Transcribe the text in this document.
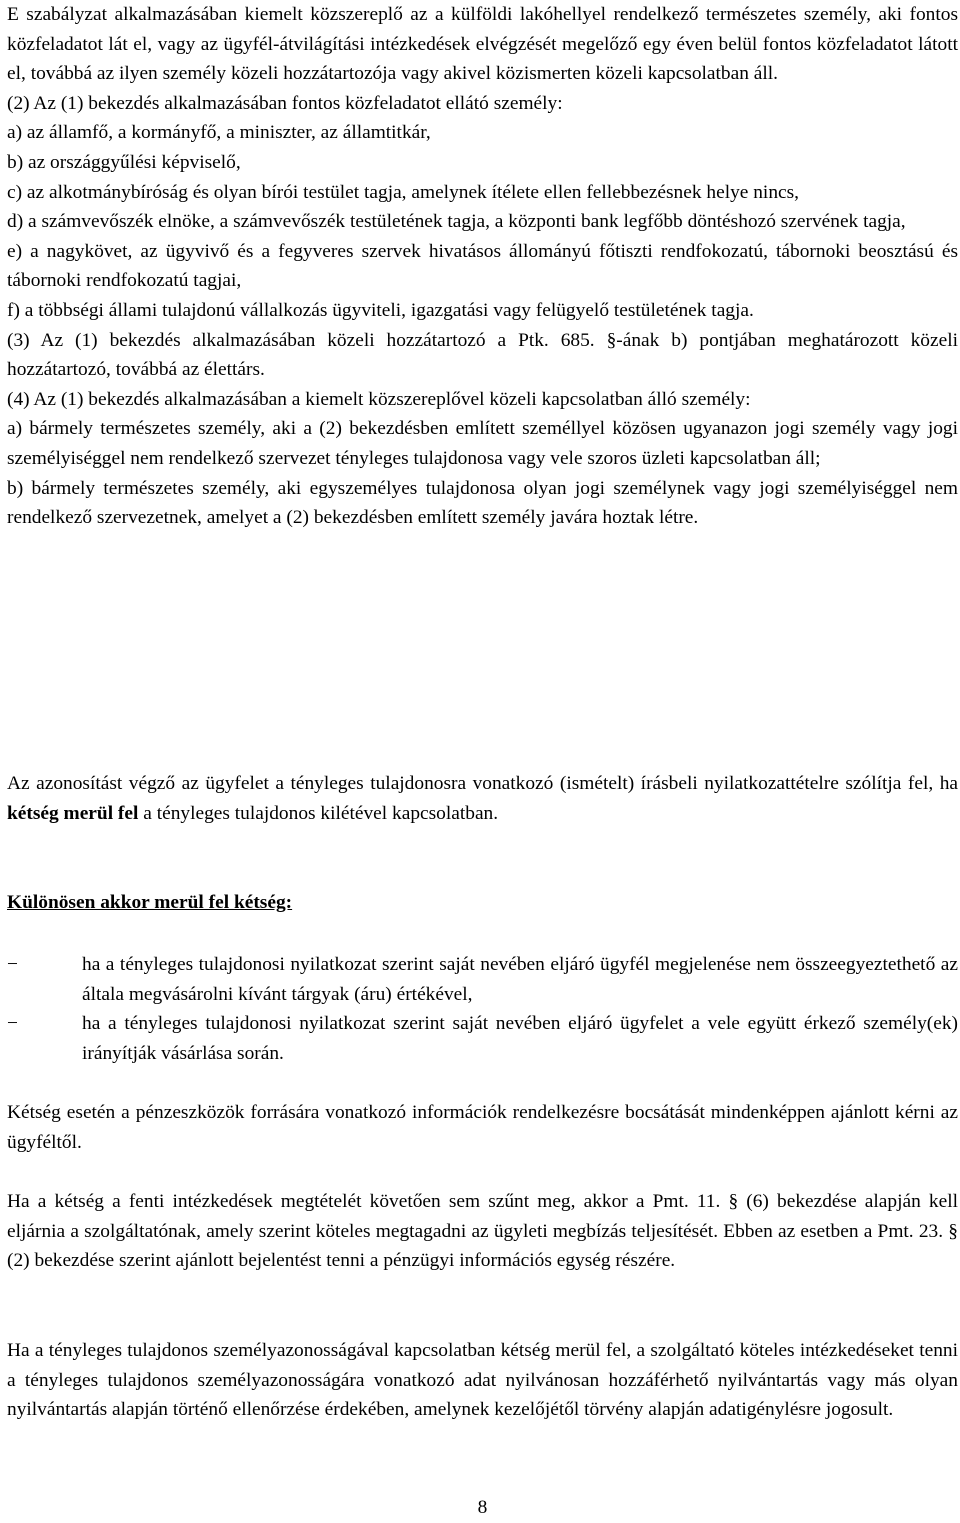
E szabályzat alkalmazásában kiemelt közszereplő az a külföldi lakóhellyel rendelkező természetes személy, aki fontos közfeladatot lát el, vagy az ügyfél-átvilágítási intézkedések elvégzését megelőző egy éven belül fontos közfeladatot látott el, továbbá az ilyen személy közeli hozzátartozója vagy akivel közismerten közeli kapcsolatban áll.

(2) Az (1) bekezdés alkalmazásában fontos közfeladatot ellátó személy:

a) az államfő, a kormányfő, a miniszter, az államtitkár,

b) az országgyűlési képviselő,

c) az alkotmánybíróság és olyan bírói testület tagja, amelynek ítélete ellen fellebbezésnek helye nincs,

d) a számvevőszék elnöke, a számvevőszék testületének tagja, a központi bank legfőbb döntéshozó szervének tagja,

e) a nagykövet, az ügyvivő és a fegyveres szervek hivatásos állományú főtiszti rendfokozatú, tábornoki beosztású és tábornoki rendfokozatú tagjai,

f) a többségi állami tulajdonú vállalkozás ügyviteli, igazgatási vagy felügyelő testületének tagja.

(3) Az (1) bekezdés alkalmazásában közeli hozzátartozó a Ptk. 685. §-ának b) pontjában meghatározott közeli hozzátartozó, továbbá az élettárs.

(4) Az (1) bekezdés alkalmazásában a kiemelt közszereplővel közeli kapcsolatban álló személy:

a) bármely természetes személy, aki a (2) bekezdésben említett személlyel közösen ugyanazon jogi személy vagy jogi személyiséggel nem rendelkező szervezet tényleges tulajdonosa vagy vele szoros üzleti kapcsolatban áll;

b) bármely természetes személy, aki egyszemélyes tulajdonosa olyan jogi személynek vagy jogi személyiséggel nem rendelkező szervezetnek, amelyet a (2) bekezdésben említett személy javára hoztak létre.

Az azonosítást végző az ügyfelet a tényleges tulajdonosra vonatkozó (ismételt) írásbeli nyilatkozattételre szólítja fel, ha kétség merül fel a tényleges tulajdonos kilétével kapcsolatban.

Különösen akkor merül fel kétség:

−	ha a tényleges tulajdonosi nyilatkozat szerint saját nevében eljáró ügyfél megjelenése nem összeegyeztethető az általa megvásárolni kívánt tárgyak (áru) értékével,
−	ha a tényleges tulajdonosi nyilatkozat szerint saját nevében eljáró ügyfelet a vele együtt érkező személy(ek) irányítják vásárlása során.

Kétség esetén a pénzeszközök forrására vonatkozó információk rendelkezésre bocsátását mindenképpen ajánlott kérni az ügyféltől.

Ha a kétség a fenti intézkedések megtételét követően sem szűnt meg, akkor a Pmt. 11. § (6) bekezdése alapján kell eljárnia a szolgáltatónak, amely szerint köteles megtagadni az ügyleti megbízás teljesítését. Ebben az esetben a Pmt. 23. § (2) bekezdése szerint ajánlott bejelentést tenni a pénzügyi információs egység részére.

Ha a tényleges tulajdonos személyazonosságával kapcsolatban kétség merül fel, a szolgáltató köteles intézkedéseket tenni a tényleges tulajdonos személyazonosságára vonatkozó adat nyilvánosan hozzáférhető nyilvántartás vagy más olyan nyilvántartás alapján történő ellenőrzése érdekében, amelynek kezelőjétől törvény alapján adatigénylésre jogosult.

8
